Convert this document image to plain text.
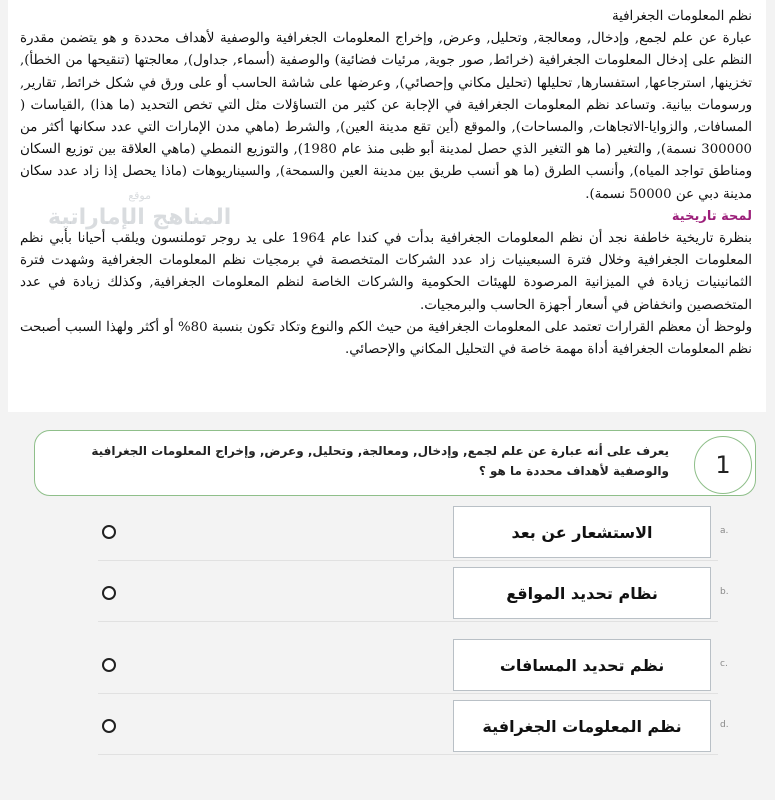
نظم المعلومات الجغرافية

عبارة عن علم لجمع, وإدخال, ومعالجة, وتحليل, وعرض, وإخراج المعلومات الجغرافية والوصفية لأهداف محددة و هو يتضمن مقدرة النظم على إدخال المعلومات الجغرافية (خرائط, صور جوية, مرئيات فضائية) والوصفية (أسماء, جداول), معالجتها (تنقيحها من الخطأ), تخزينها, استرجاعها, استفسارها, تحليلها (تحليل مكاني وإحصائي), وعرضها على شاشة الحاسب أو على ورق في شكل خرائط, تقارير, ورسومات بيانية. وتساعد نظم المعلومات الجغرافية في الإجابة عن كثير من التساؤلات مثل التي تخص التحديد (ما هذا) ,القياسات ( المسافات, والزوايا-الاتجاهات, والمساحات), والموقع (أين تقع مدينة العين), والشرط (ماهي مدن الإمارات التي عدد سكانها أكثر من 300000 نسمة), والتغير (ما هو التغير الذي حصل لمدينة أبو ظبى منذ عام 1980), والتوزيع النمطي (ماهي العلاقة بين توزيع السكان ومناطق تواجد المياه), وأنسب الطرق (ما هو أنسب طريق بين مدينة العين والسمحة), والسيناريوهات (ماذا يحصل إذا زاد عدد سكان مدينة دبي عن 50000 نسمة).

لمحة تاريخية

بنظرة تاريخية خاطفة نجد أن نظم المعلومات الجغرافية بدأت في كندا عام 1964 على يد روجر توملنسون ويلقب أحيانا بأبي نظم المعلومات الجغرافية وخلال فترة السبعينيات زاد عدد الشركات المتخصصة في برمجيات نظم المعلومات الجغرافية وشهدت فترة الثمانينيات زيادة في الميزانية المرصودة للهيئات الحكومية والشركات الخاصة لنظم المعلومات الجغرافية, وكذلك زيادة في عدد المتخصصين وانخفاض في أسعار أجهزة الحاسب والبرمجيات.

ولوحظ أن معظم القرارات تعتمد على المعلومات الجغرافية من حيث الكم والنوع وتكاد تكون بنسبة 80% أو أكثر ولهذا السبب أصبحت نظم المعلومات الجغرافية أداة مهمة خاصة في التحليل المكاني والإحصائي.

موقع
المناهج الإماراتية
يعرف على أنه عبارة عن علم لجمع, وإدخال, ومعالجة, وتحليل, وعرض, وإخراج المعلومات الجغرافية والوصفية لأهداف محددة ما هو ؟	1
الاستشعار عن بعد	a.
نظام تحديد المواقع	b.
نظم تحديد المسافات	c.
نظم المعلومات الجغرافية	d.
